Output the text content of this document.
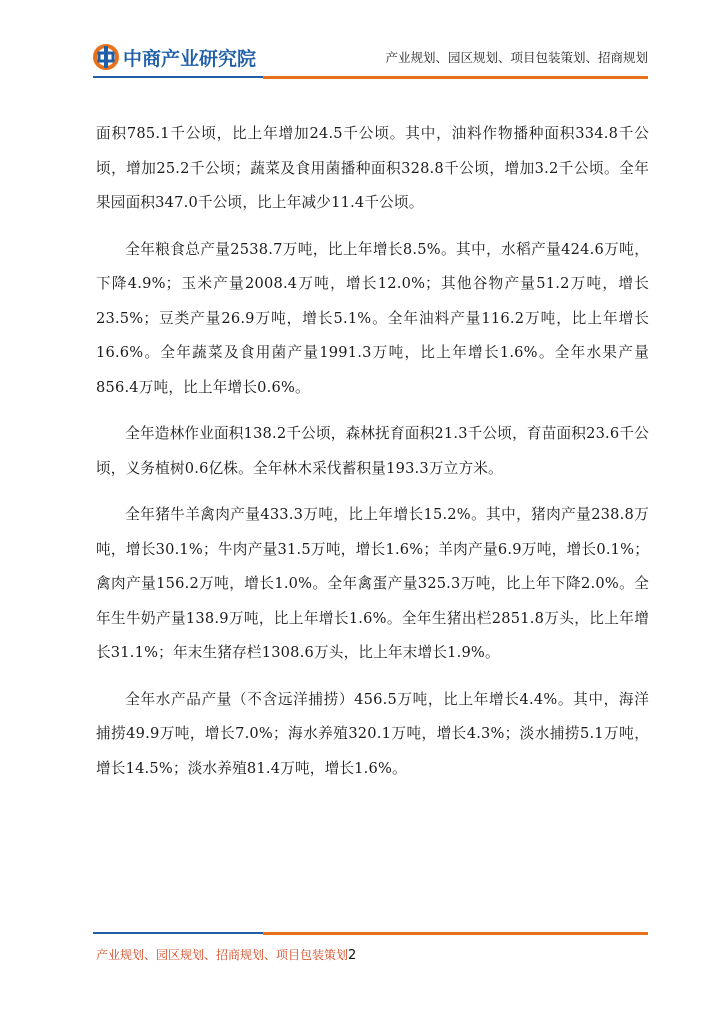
中商产业研究院	产业规划、园区规划、项目包装策划、招商规划

面积785.1千公顷，比上年增加24.5千公顷。其中，油料作物播种面积334.8千公顷，增加25.2千公顷；蔬菜及食用菌播种面积328.8千公顷，增加3.2千公顷。全年果园面积347.0千公顷，比上年减少11.4千公顷。

全年粮食总产量2538.7万吨，比上年增长8.5%。其中，水稻产量424.6万吨，下降4.9%；玉米产量2008.4万吨，增长12.0%；其他谷物产量51.2万吨，增长23.5%；豆类产量26.9万吨，增长5.1%。全年油料产量116.2万吨，比上年增长16.6%。全年蔬菜及食用菌产量1991.3万吨，比上年增长1.6%。全年水果产量856.4万吨，比上年增长0.6%。

全年造林作业面积138.2千公顷，森林抚育面积21.3千公顷，育苗面积23.6千公顷，义务植树0.6亿株。全年林木采伐蓄积量193.3万立方米。

全年猪牛羊禽肉产量433.3万吨，比上年增长15.2%。其中，猪肉产量238.8万吨，增长30.1%；牛肉产量31.5万吨，增长1.6%；羊肉产量6.9万吨，增长0.1%；禽肉产量156.2万吨，增长1.0%。全年禽蛋产量325.3万吨，比上年下降2.0%。全年生牛奶产量138.9万吨，比上年增长1.6%。全年生猪出栏2851.8万头，比上年增长31.1%；年末生猪存栏1308.6万头，比上年末增长1.9%。

全年水产品产量（不含远洋捕捞）456.5万吨，比上年增长4.4%。其中，海洋捕捞49.9万吨，增长7.0%；海水养殖320.1万吨，增长4.3%；淡水捕捞5.1万吨，增长14.5%；淡水养殖81.4万吨，增长1.6%。

产业规划、园区规划、招商规划、项目包装策划2
